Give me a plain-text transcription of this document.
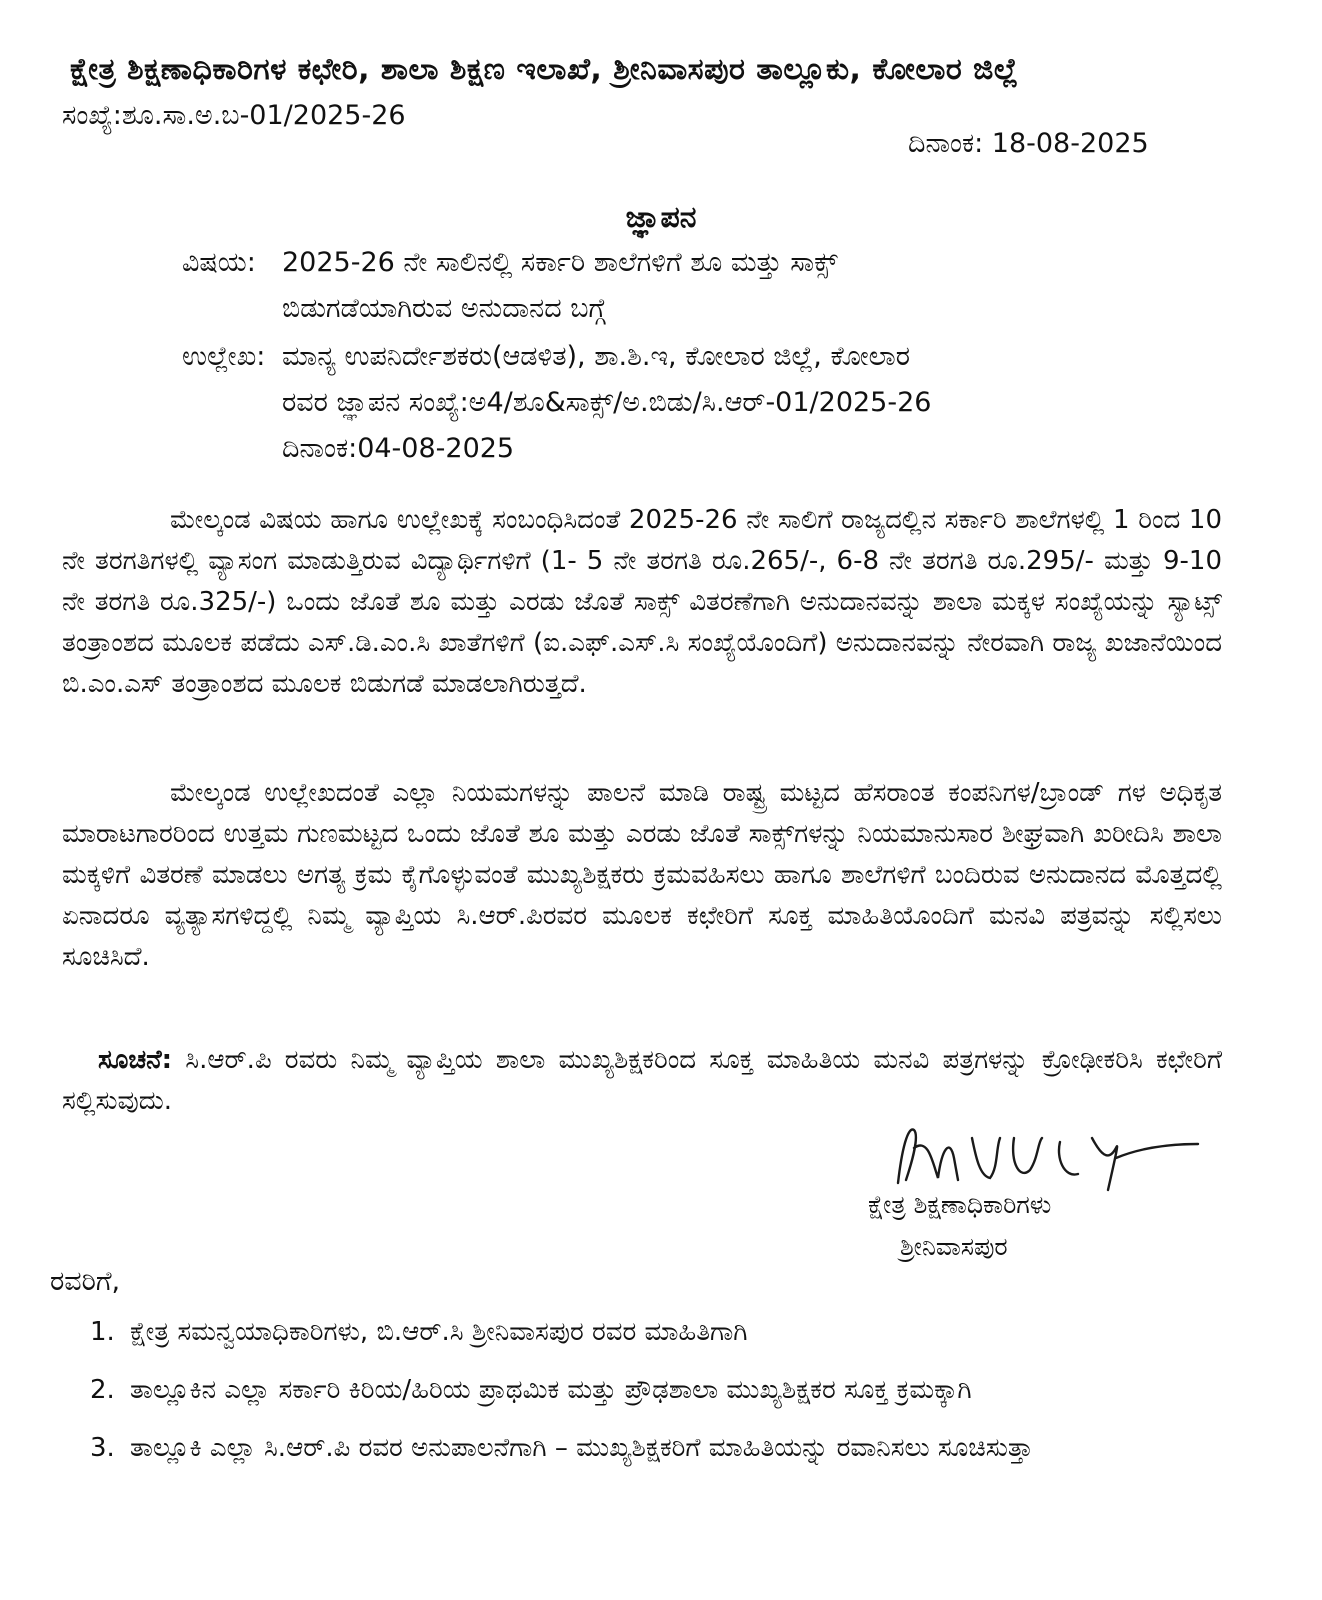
ಕ್ಷೇತ್ರ ಶಿಕ್ಷಣಾಧಿಕಾರಿಗಳ ಕಛೇರಿ, ಶಾಲಾ ಶಿಕ್ಷಣ ಇಲಾಖೆ, ಶ್ರೀನಿವಾಸಪುರ ತಾಲ್ಲೂಕು, ಕೋಲಾರ ಜಿಲ್ಲೆ
ಸಂಖ್ಯೆ:ಶೂ.ಸಾ.ಅ.ಬ-01/2025-26
ದಿನಾಂಕ: 18-08-2025
ಜ್ಞಾಪನ
ವಿಷಯ: 2025-26 ನೇ ಸಾಲಿನಲ್ಲಿ ಸರ್ಕಾರಿ ಶಾಲೆಗಳಿಗೆ ಶೂ ಮತ್ತು ಸಾಕ್ಸ್
ಬಿಡುಗಡೆಯಾಗಿರುವ ಅನುದಾನದ ಬಗ್ಗೆ
ಉಲ್ಲೇಖ: ಮಾನ್ಯ ಉಪನಿರ್ದೇಶಕರು(ಆಡಳಿತ), ಶಾ.ಶಿ.ಇ, ಕೋಲಾರ ಜಿಲ್ಲೆ, ಕೋಲಾರ
ರವರ ಜ್ಞಾಪನ ಸಂಖ್ಯೆ:ಅ4/ಶೂ&ಸಾಕ್ಸ್/ಅ.ಬಿಡು/ಸಿ.ಆರ್-01/2025-26
ದಿನಾಂಕ:04-08-2025

ಮೇಲ್ಕಂಡ ವಿಷಯ ಹಾಗೂ ಉಲ್ಲೇಖಕ್ಕೆ ಸಂಬಂಧಿಸಿದಂತೆ 2025-26 ನೇ ಸಾಲಿಗೆ ರಾಜ್ಯದಲ್ಲಿನ ಸರ್ಕಾರಿ ಶಾಲೆಗಳಲ್ಲಿ 1 ರಿಂದ 10 ನೇ ತರಗತಿಗಳಲ್ಲಿ ವ್ಯಾಸಂಗ ಮಾಡುತ್ತಿರುವ ವಿದ್ಯಾರ್ಥಿಗಳಿಗೆ (1- 5 ನೇ ತರಗತಿ ರೂ.265/-, 6-8 ನೇ ತರಗತಿ ರೂ.295/- ಮತ್ತು 9-10 ನೇ ತರಗತಿ ರೂ.325/-) ಒಂದು ಜೊತೆ ಶೂ ಮತ್ತು ಎರಡು ಜೊತೆ ಸಾಕ್ಸ್ ವಿತರಣೆಗಾಗಿ ಅನುದಾನವನ್ನು ಶಾಲಾ ಮಕ್ಕಳ ಸಂಖ್ಯೆಯನ್ನು ಸ್ಯಾಟ್ಸ್ ತಂತ್ರಾಂಶದ ಮೂಲಕ ಪಡೆದು ಎಸ್.ಡಿ.ಎಂ.ಸಿ ಖಾತೆಗಳಿಗೆ (ಐ.ಎಫ್.ಎಸ್.ಸಿ ಸಂಖ್ಯೆಯೊಂದಿಗೆ) ಅನುದಾನವನ್ನು ನೇರವಾಗಿ ರಾಜ್ಯ ಖಜಾನೆಯಿಂದ ಬಿ.ಎಂ.ಎಸ್ ತಂತ್ರಾಂಶದ ಮೂಲಕ ಬಿಡುಗಡೆ ಮಾಡಲಾಗಿರುತ್ತದೆ.

ಮೇಲ್ಕಂಡ ಉಲ್ಲೇಖದಂತೆ ಎಲ್ಲಾ ನಿಯಮಗಳನ್ನು ಪಾಲನೆ ಮಾಡಿ ರಾಷ್ಟ್ರ ಮಟ್ಟದ ಹೆಸರಾಂತ ಕಂಪನಿಗಳ/ಬ್ರಾಂಡ್ ಗಳ ಅಧಿಕೃತ ಮಾರಾಟಗಾರರಿಂದ ಉತ್ತಮ ಗುಣಮಟ್ಟದ ಒಂದು ಜೊತೆ ಶೂ ಮತ್ತು ಎರಡು ಜೊತೆ ಸಾಕ್ಸ್‌ಗಳನ್ನು ನಿಯಮಾನುಸಾರ ಶೀಘ್ರವಾಗಿ ಖರೀದಿಸಿ ಶಾಲಾ ಮಕ್ಕಳಿಗೆ ವಿತರಣೆ ಮಾಡಲು ಅಗತ್ಯ ಕ್ರಮ ಕೈಗೊಳ್ಳುವಂತೆ ಮುಖ್ಯಶಿಕ್ಷಕರು ಕ್ರಮವಹಿಸಲು ಹಾಗೂ ಶಾಲೆಗಳಿಗೆ ಬಂದಿರುವ ಅನುದಾನದ ಮೊತ್ತದಲ್ಲಿ ಏನಾದರೂ ವ್ಯತ್ಯಾಸಗಳಿದ್ದಲ್ಲಿ ನಿಮ್ಮ ವ್ಯಾಪ್ತಿಯ ಸಿ.ಆರ್.ಪಿರವರ ಮೂಲಕ ಕಛೇರಿಗೆ ಸೂಕ್ತ ಮಾಹಿತಿಯೊಂದಿಗೆ ಮನವಿ ಪತ್ರವನ್ನು ಸಲ್ಲಿಸಲು ಸೂಚಿಸಿದೆ.

ಸೂಚನೆ: ಸಿ.ಆರ್.ಪಿ ರವರು ನಿಮ್ಮ ವ್ಯಾಪ್ತಿಯ ಶಾಲಾ ಮುಖ್ಯಶಿಕ್ಷಕರಿಂದ ಸೂಕ್ತ ಮಾಹಿತಿಯ ಮನವಿ ಪತ್ರಗಳನ್ನು ಕ್ರೋಢೀಕರಿಸಿ ಕಛೇರಿಗೆ ಸಲ್ಲಿಸುವುದು.

ಕ್ಷೇತ್ರ ಶಿಕ್ಷಣಾಧಿಕಾರಿಗಳು
ಶ್ರೀನಿವಾಸಪುರ
ರವರಿಗೆ,
1. ಕ್ಷೇತ್ರ ಸಮನ್ವಯಾಧಿಕಾರಿಗಳು, ಬಿ.ಆರ್.ಸಿ ಶ್ರೀನಿವಾಸಪುರ ರವರ ಮಾಹಿತಿಗಾಗಿ
2. ತಾಲ್ಲೂಕಿನ ಎಲ್ಲಾ ಸರ್ಕಾರಿ ಕಿರಿಯ/ಹಿರಿಯ ಪ್ರಾಥಮಿಕ ಮತ್ತು ಪ್ರೌಢಶಾಲಾ ಮುಖ್ಯಶಿಕ್ಷಕರ ಸೂಕ್ತ ಕ್ರಮಕ್ಕಾಗಿ
3. ತಾಲ್ಲೂಕಿ ಎಲ್ಲಾ ಸಿ.ಆರ್.ಪಿ ರವರ ಅನುಪಾಲನೆಗಾಗಿ – ಮುಖ್ಯಶಿಕ್ಷಕರಿಗೆ ಮಾಹಿತಿಯನ್ನು ರವಾನಿಸಲು ಸೂಚಿಸುತ್ತಾ
